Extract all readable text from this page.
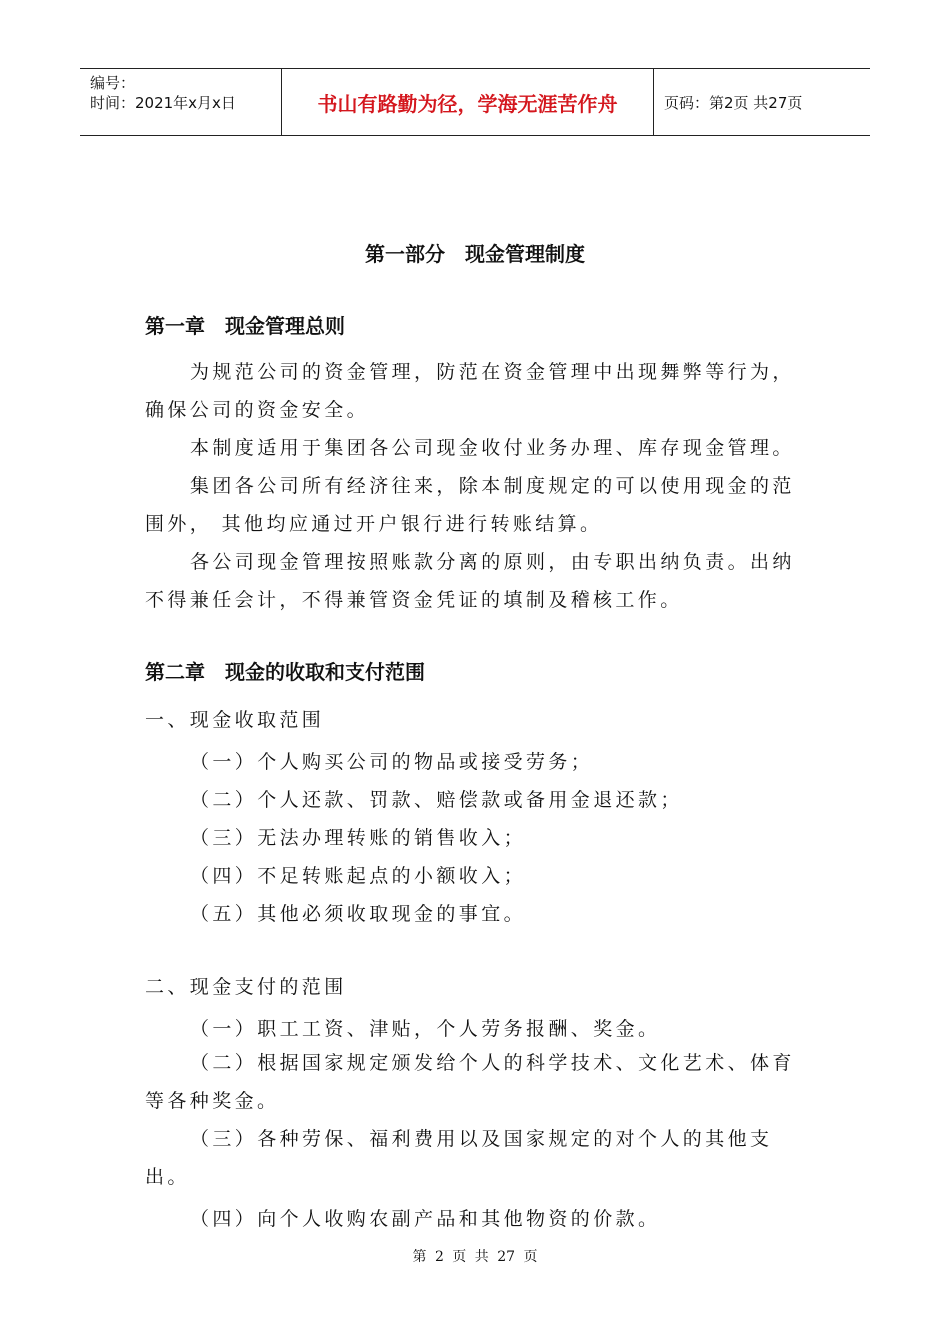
编号：
时间：2021年x月x日	书山有路勤为径，学海无涯苦作舟	页码：第2页 共27页
第一部分　现金管理制度
第一章　现金管理总则
为规范公司的资金管理，防范在资金管理中出现舞弊等行为，确保公司的资金安全。
本制度适用于集团各公司现金收付业务办理、库存现金管理。
集团各公司所有经济往来，除本制度规定的可以使用现金的范围外， 其他均应通过开户银行进行转账结算。
各公司现金管理按照账款分离的原则，由专职出纳负责。出纳不得兼任会计，不得兼管资金凭证的填制及稽核工作。
第二章　现金的收取和支付范围
一、现金收取范围
（一）个人购买公司的物品或接受劳务；
（二）个人还款、罚款、赔偿款或备用金退还款；
（三）无法办理转账的销售收入；
（四）不足转账起点的小额收入；
（五）其他必须收取现金的事宜。
二、现金支付的范围
（一）职工工资、津贴，个人劳务报酬、奖金。
（二）根据国家规定颁发给个人的科学技术、文化艺术、体育等各种奖金。
（三）各种劳保、福利费用以及国家规定的对个人的其他支出。
（四）向个人收购农副产品和其他物资的价款。
第 2 页 共 27 页
